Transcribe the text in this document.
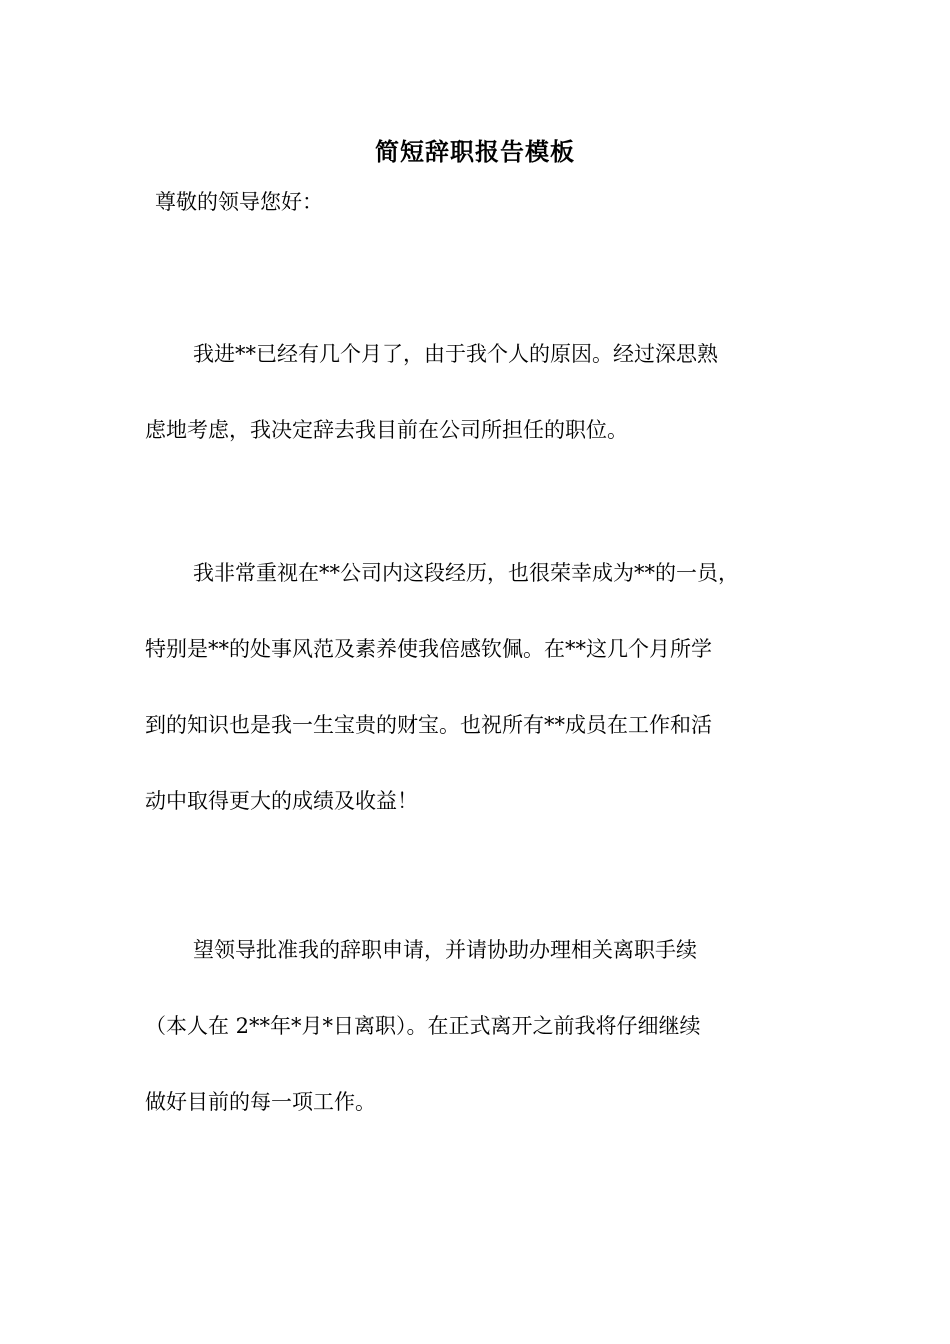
简短辞职报告模板
尊敬的领导您好：
我进**已经有几个月了，由于我个人的原因。经过深思熟
虑地考虑，我决定辞去我目前在公司所担任的职位。
我非常重视在**公司内这段经历，也很荣幸成为**的一员，
特别是**的处事风范及素养使我倍感钦佩。在**这几个月所学
到的知识也是我一生宝贵的财宝。也祝所有**成员在工作和活
动中取得更大的成绩及收益！
望领导批准我的辞职申请，并请协助办理相关离职手续
（本人在 2**年*月*日离职）。在正式离开之前我将仔细继续
做好目前的每一项工作。
